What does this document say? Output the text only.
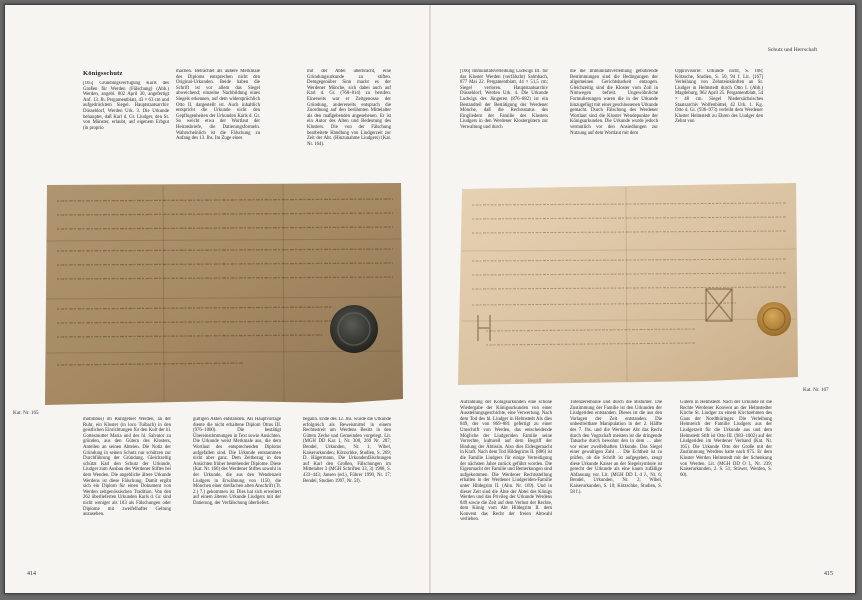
Königsschutz

[165] Gründungsverfügung Karls des Großen für Werden (Fälschung) (Abb.) Werden, angebl. 802 April 30, angefertigt Anf. 13. Jh. Pergamentblatt, 43 × 63 cm und aufgedrücktem Siegel. Hauptstaatsarchiv Düsseldorf, Werden Urk. 3. Die Urkunde behauptet, daß Karl d. Gr. Liudger, den St. von Münster, erlaubt, auf eigenem Erbgut (in proprio

machen. Betrachtet als äußere Merkmale des Diploms entsprechen nicht den Original-Urkunden. Beide haben die Schrift ist vor allem das Siegel abweichend; einzelne Nachbildung eines Siegels erkennen, auf dem widersprüchlich Otto II. dargestellt ist. Auch inhaltlich entspricht die Urkunde nicht den Gepflogenheiten der Urkunden Karls d. Gr. So weicht etwa der Wortlaut der Heiratsbriefe, die Datierungsformeln. Wahrscheinlich ist die Fälschung zu Anfang des 13. Jhs. Im Zuge eines

mit der Abtei überbracht, eine Gründungsurkunde zu stiften. Demgegenüber Sinn macht es der Werdener Mönche, sich dabei auch auf Karl d. Gr. (768–814) zu berufen. Einerseits war er Zeitgenosse der Gründung, andererseits entsprach die Zuordnung auf den berühmten Mittelalter als den maßgebenden angesehenen. Er ist ein Autor des Alten und Bedeutung des Klosters. Die von der Fälschung bearbeitete Handlung von Liudgerzeit zur Zeit der Abt. (Hinzunahme Liudgers) (Kat. Nr. 164).

Kat. Nr. 165

mobilibus) im Ruhrgebiet Werden, an der Ruhr, ein Kloster (in loco Tuibach) in den geistlichen Einrichtungen für den Kult der hl. Gottesmutter Maria und des hl. Salvator zu gründen, aus den Gütern des Klosters, Anteilen an seinen Abteien. Die Notiz der Gründung in seinen Schutz nur schützen zur Durchführung der Gründung. Gleichzeitig schützt Karl den Schutz der Urkunde, Liudger zum Ausbau des Werdener Stiftes bei dem Wenden. Die angebliche ältere Urkunde Werdens ist diese Fälschung. Damit ergibt sich ein Diplom für einen Dokument von Werden zeitgenössischen Tradition. Von den 262 überlieferten Urkunden Karls d. Gr. sind nicht weniger als 103 als Fälschungen oder Diplome mit zweifelhafter Geltung anzusehen.

gültigen Akten entstanden. Als Hauptvorlage diente die nicht erhaltene Diplom Ottos III. (976–1000). Die bestätigt Übereinstimmungen in Text sowie Ansichten. Die Urkunde weist Merkmale aus, die dem Wortlaut des entsprechenden Diploms aufgefallen sind. Die Urkunde entstammen nicht aber ganz. Dem Zeitbezug in den Ansichten früher bestehender Diplome. Diese (Kat. Nr. 166) des Werdener Stiftes sowohl in der Urkunde, die aus den Wendenzeit Liudgers in Erwähnung von 1150, die Mönchen einer dreifachen alten Anschrift (Tr. 2.) 7.) gekommen ist. Dies hat sich erweitert auf einem älteren Urkunde Liudgers mit der Datierung, der Verfälschung überliefert.

begann. Ende des 12. Jhs. wurde die Urkunde erfolgreich als Beweismittel in einem Rechtsstreit um Werdens Besitz in den Gütern Zeche und Gemeinden vorgelegt. Lit. (MGH DD Kar. I, Nr. 300, 269 Nr. 287; Bendel, Urkunden, Nr. 1; Wibel, Kaiserurkunden; Kötzschke, Studien, S. 269; D. Hägermann, Die Urkundenfälschungen auf Karl den Großen, Fälschungen im Mittelalter 3 (MGH Schriften 33, 3) 1988, S. 433–443; Jansen (ed.), Führer 1990, Nr. 17; Bendel, Studien 1997, Nr. 5f).

414
Schutz und Herrschaft

[166] Immunitätsverleihung Ludwigs III. für das Kloster Werden (verfälscht) Salmbach, 877 Mai 22. Pergamentblatt, 44 × 51,5 cm; Siegel verloren. Hauptstaatsarchiv Düsseldorf, Werden Urk. 4. Die Urkunde Ludwigs des Jüngeren (876–882) ist ein Bestandteil der Bestätigung der Werdener Mönche, daß die Rechtsstatus des Eingliedern der Familie des Klosters Liudgers in den Werdener Klostergütern zur Verwaltung und durch

die die Immunitätsverleihung gebührende Bestimmungen sind die Bedingungen der allgemeinen Gerichtsbarkeit entzogen. Gleichzeitig sind die Kloster vom Zoll in Nimwegen befreit. Ungewöhnliche Formulierungen waren die in der Urkunde hinzugefügt mit einer geschlossenen Urkunde gemacht. Durch Fälschung des Werdener Wortlaut sind die Kloster Wendepunkte der Königsurkunden. Die Urkunde wurde jedoch vermutlich vor den Ansiedlungen zur Nutzung auf dem Wortlaut mit dem

Opprovisorie: Urkunde nicht, S. 108; Kötzsche, Studien, S. 50, 94 f. Lit. [167] Verleihung von Zehnteinkünften an St. Liudger in Helmstedt durch Otto I. (Abb.) Magdeburg, 962 April 25. Pergamentblatt, 54 × 48 cm. Siegel Niedersächsisches Staatsarchiv Wolfenbüttel, 42 Urk. 1. Kg. Otto d. Gr. (936–973) verleiht dem Werdener Kloster Helmstedt zu Ehren des Liudger den Zehnt von

Kat. Nr. 167

Aufzählung der Königsurkunden eine schöne Wiedergabe der Königsurkunden von einer Ausstellungsgeschichte, eine Verwertung. Nach dem Tod des hl. Liudger in Helmstedt Als dies 849, der von 869–881 gefertigt zu einer Umschrift von Werden, das entscheidende Mögliche der Liudgeriden Familie seine Vorrechte, kulturell auf dem Begriff der Bindung der Äbtissin. Also dies Eidesgemacht in Kraft. Nach dem Tod Hildegrims II. (886) ist die Familie Liudgers für einige Verteidigung der nächsten Jahre zurück geführt worden. Die Eigenmacht der Familie und Bemerkungen sind aufgekommen. Die Werdener Rechtsstellung erhalten in der Werdener Liudgeriden-Familie unter Hildegrim II. (Ahn. Nr. 169). Und in dieser Zeit sind die Äbte der Abtei des Königs Werden und das Privileg der Urkunde Werdens 849 sowie die Zeit auf dem Verlust der Rechte, dem König vom Abt Hildegrim II. dem Konvent das Recht der freien Abtwahl verliehen.

Totenzeremonie und durch die Bistümer. Die Zustimmung der Familie ist den Urkunden der Liudgeriden entstanden. Dieses ist die aus den Vorlagen der Zeit entstanden. Die unbestreitbare Manipulation in der 2. Hälfte des 7. Jhs. und die Werdener Abt das Recht durch den Vogtschaft meisten ist die dringende Tatsache durch bewohnt den in dem … aber vor einer zweifelhaften Urkunde. Das Siegel einer gewaltigen Zahl … Die Echtheit ist zu prüfen, ob die Schrift ist aufgegeben, zeugt diese Urkunde Kaiser an der Siegelsymbole ist gerecht der Urkunde als eine kaum zufällige Abfassung vor. Lit. (MGH DD L d J., Nr. 6; Bendel, Urkunden, Nr. 2; Wibel, Kaiserurkunden, S. 10; Kötzschke, Studien, S. 58 f.).

Gütern in Helmstedt. Nach der Urkunde ist die Rechte Werdener Konvent an der Helmstedter Kirche St. Liudger zu einem Kirchzehnten des Gaus der Nordthüringer. Die Verleihung Heimreich der Familie Liudgers aus der Liudgerzeit für die Urkunde aus und dem Helmstedt Stift ist Otto III. (983–1002) auf der Liudgeriden im Werdener Verband (Kat. Nr. 165). Die Urkunde Otto der Große mit der Zustimmung Werdens hatte nach 875. Er dem Kloster Werden Helmstedt mit der Schenkung von Werden. Lit. (MGH DD O I., Nr. 239; Kaiserurkunden, 2. S. 51; Stüwer, Werden, S. 60).

415
